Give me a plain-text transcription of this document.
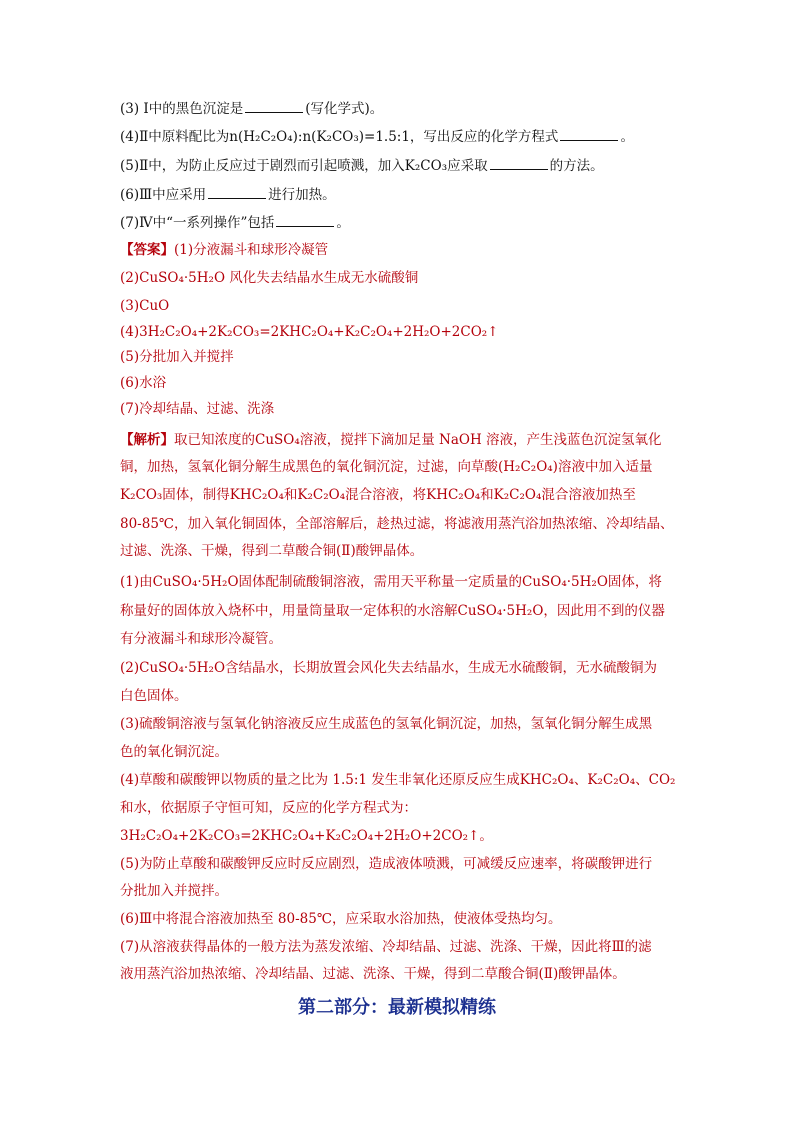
(3) Ⅰ中的黑色沉淀是	(写化学式)。
(4)Ⅱ中原料配比为n(H₂C₂O₄):n(K₂CO₃)=1.5:1，写出反应的化学方程式	。
(5)Ⅱ中，为防止反应过于剧烈而引起喷溅，加入K₂CO₃应采取	的方法。
(6)Ⅲ中应采用	进行加热。
(7)Ⅳ中“一系列操作”包括	。
【答案】(1)分液漏斗和球形冷凝管
(2)CuSO₄·5H₂O 风化失去结晶水生成无水硫酸铜
(3)CuO
(4)3H₂C₂O₄+2K₂CO₃=2KHC₂O₄+K₂C₂O₄+2H₂O+2CO₂↑
(5)分批加入并搅拌
(6)水浴
(7)冷却结晶、过滤、洗涤
【解析】取已知浓度的CuSO₄溶液，搅拌下滴加足量 NaOH 溶液，产生浅蓝色沉淀氢氧化
铜，加热，氢氧化铜分解生成黑色的氧化铜沉淀，过滤，向草酸(H₂C₂O₄)溶液中加入适量
K₂CO₃固体，制得KHC₂O₄和K₂C₂O₄混合溶液，将KHC₂O₄和K₂C₂O₄混合溶液加热至
80-85℃，加入氧化铜固体，全部溶解后，趁热过滤，将滤液用蒸汽浴加热浓缩、冷却结晶、
过滤、洗涤、干燥，得到二草酸合铜(Ⅱ)酸钾晶体。
(1)由CuSO₄·5H₂O固体配制硫酸铜溶液，需用天平称量一定质量的CuSO₄·5H₂O固体，将
称量好的固体放入烧杯中，用量筒量取一定体积的水溶解CuSO₄·5H₂O，因此用不到的仪器
有分液漏斗和球形冷凝管。
(2)CuSO₄·5H₂O含结晶水，长期放置会风化失去结晶水，生成无水硫酸铜，无水硫酸铜为
白色固体。
(3)硫酸铜溶液与氢氧化钠溶液反应生成蓝色的氢氧化铜沉淀，加热，氢氧化铜分解生成黑
色的氧化铜沉淀。
(4)草酸和碳酸钾以物质的量之比为 1.5:1 发生非氧化还原反应生成KHC₂O₄、K₂C₂O₄、CO₂
和水，依据原子守恒可知，反应的化学方程式为：
3H₂C₂O₄+2K₂CO₃=2KHC₂O₄+K₂C₂O₄+2H₂O+2CO₂↑。
(5)为防止草酸和碳酸钾反应时反应剧烈，造成液体喷溅，可减缓反应速率，将碳酸钾进行
分批加入并搅拌。
(6)Ⅲ中将混合溶液加热至 80-85℃，应采取水浴加热，使液体受热均匀。
(7)从溶液获得晶体的一般方法为蒸发浓缩、冷却结晶、过滤、洗涤、干燥，因此将Ⅲ的滤
液用蒸汽浴加热浓缩、冷却结晶、过滤、洗涤、干燥，得到二草酸合铜(Ⅱ)酸钾晶体。
第二部分：最新模拟精练
